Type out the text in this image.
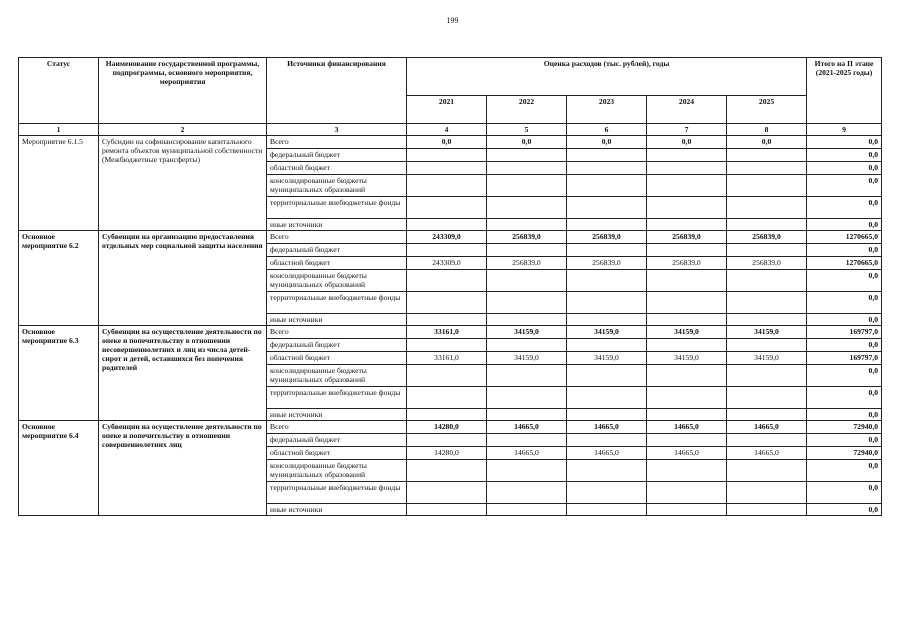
199
Статус	Наименование государственной программы, подпрограммы, основного мероприятия, мероприятия	Источники финансирования	Оценка расходов (тыс. рублей), годы					Итого на II этапе (2021-2025 годы)
			2021	2022	2023	2024	2025	
1	2	3	4	5	6	7	8	9
Мероприятие 6.1.5	Субсидии на софинансирование капитального ремонта объектов муниципальной собственности (Межбюджетные трансферты)	Всего	0,0	0,0	0,0	0,0	0,0	0,0
		федеральный бюджет						0,0
		областной бюджет						0,0
		консолидированные бюджеты муниципальных образований						0,0
		территориальные внебюджетные фонды						0,0
		иные источники						0,0
Основное мероприятие 6.2	Субвенции на организацию предоставления отдельных мер социальной защиты населения	Всего	243309,0	256839,0	256839,0	256839,0	256839,0	1270665,0
		федеральный бюджет						0,0
		областной бюджет	243309,0	256839,0	256839,0	256839,0	256839,0	1270665,0
		консолидированные бюджеты муниципальных образований						0,0
		территориальные внебюджетные фонды						0,0
		иные источники						0,0
Основное мероприятие 6.3	Субвенции на осуществление деятельности по опеке и попечительству в отношении несовершеннолетних и лиц из числа детей-сирот и детей, оставшихся без попечения родителей	Всего	33161,0	34159,0	34159,0	34159,0	34159,0	169797,0
		федеральный бюджет						0,0
		областной бюджет	33161,0	34159,0	34159,0	34159,0	34159,0	169797,0
		консолидированные бюджеты муниципальных образований						0,0
		территориальные внебюджетные фонды						0,0
		иные источники						0,0
Основное мероприятие 6.4	Субвенции на осуществление деятельности по опеке и попечительству в отношении совершеннолетних лиц	Всего	14280,0	14665,0	14665,0	14665,0	14665,0	72940,0
		федеральный бюджет						0,0
		областной бюджет	14280,0	14665,0	14665,0	14665,0	14665,0	72940,0
		консолидированные бюджеты муниципальных образований						0,0
		территориальные внебюджетные фонды						0,0
		иные источники						0,0
